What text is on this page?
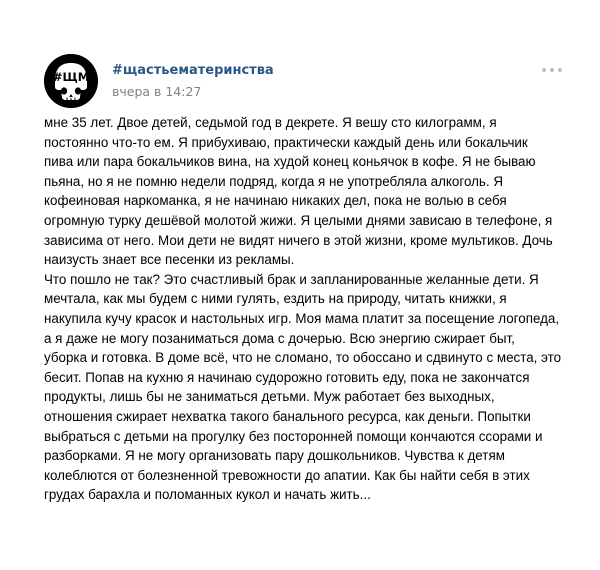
#ЩМ #щастьематеринства
вчера в 14:27

мне 35 лет. Двое детей, седьмой год в декрете. Я вешу сто килограмм, я
постоянно что-то ем. Я прибухиваю, практически каждый день или бокальчик
пива или пара бокальчиков вина, на худой конец коньячок в кофе. Я не бываю
пьяна, но я не помню недели подряд, когда я не употребляла алкоголь. Я
кофеиновая наркоманка, я не начинаю никаких дел, пока не волью в себя
огромную турку дешёвой молотой жижи. Я целыми днями зависаю в телефоне, я
зависима от него. Мои дети не видят ничего в этой жизни, кроме мультиков. Дочь
наизусть знает все песенки из рекламы.
Что пошло не так? Это счастливый брак и запланированные желанные дети. Я
мечтала, как мы будем с ними гулять, ездить на природу, читать книжки, я
накупила кучу красок и настольных игр. Моя мама платит за посещение логопеда,
а я даже не могу позаниматься дома с дочерью. Всю энергию сжирает быт,
уборка и готовка. В доме всё, что не сломано, то обоссано и сдвинуто с места, это
бесит. Попав на кухню я начинаю судорожно готовить еду, пока не закончатся
продукты, лишь бы не заниматься детьми. Муж работает без выходных,
отношения сжирает нехватка такого банального ресурса, как деньги. Попытки
выбраться с детьми на прогулку без посторонней помощи кончаются ссорами и
разборками. Я не могу организовать пару дошкольников. Чувства к детям
колеблются от болезненной тревожности до апатии. Как бы найти себя в этих
грудах барахла и поломанных кукол и начать жить...
